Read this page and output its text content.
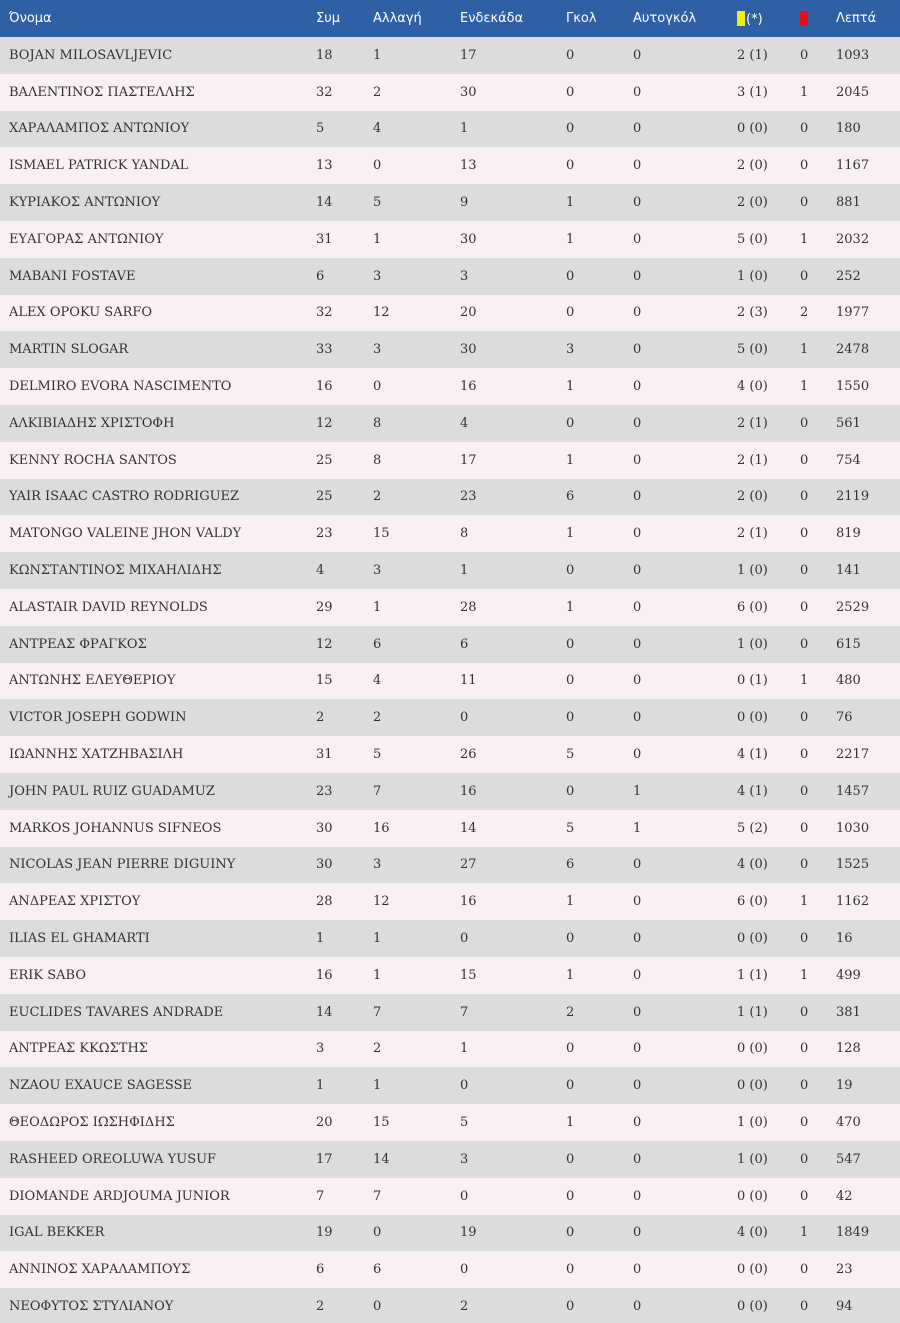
Όνομα	Συμ	Αλλαγή	Ενδεκάδα	Γκολ	Αυτογκόλ	(*)		Λεπτά
BOJAN MILOSAVLJEVIC	18	1	17	0	0	2 (1)	0	1093
ΒΑΛΕΝΤΙΝΟΣ ΠΑΣΤΕΛΛΗΣ	32	2	30	0	0	3 (1)	1	2045
ΧΑΡΑΛΑΜΠΟΣ ΑΝΤΩΝΙΟΥ	5	4	1	0	0	0 (0)	0	180
ISMAEL PATRICK YANDAL	13	0	13	0	0	2 (0)	0	1167
ΚΥΡΙΑΚΟΣ ΑΝΤΩΝΙΟΥ	14	5	9	1	0	2 (0)	0	881
ΕΥΑΓΟΡΑΣ ΑΝΤΩΝΙΟΥ	31	1	30	1	0	5 (0)	1	2032
MABANI FOSTAVE	6	3	3	0	0	1 (0)	0	252
ALEX OPOKU SARFO	32	12	20	0	0	2 (3)	2	1977
MARTIN SLOGAR	33	3	30	3	0	5 (0)	1	2478
DELMIRO EVORA NASCIMENTO	16	0	16	1	0	4 (0)	1	1550
ΑΛΚΙΒΙΑΔΗΣ ΧΡΙΣΤΟΦΗ	12	8	4	0	0	2 (1)	0	561
KENNY ROCHA SANTOS	25	8	17	1	0	2 (1)	0	754
YAIR ISAAC CASTRO RODRIGUEZ	25	2	23	6	0	2 (0)	0	2119
MATONGO VALEINE JHON VALDY	23	15	8	1	0	2 (1)	0	819
ΚΩΝΣΤΑΝΤΙΝΟΣ ΜΙΧΑΗΛΙΔΗΣ	4	3	1	0	0	1 (0)	0	141
ALASTAIR DAVID REYNOLDS	29	1	28	1	0	6 (0)	0	2529
ΑΝΤΡΕΑΣ ΦΡΑΓΚΟΣ	12	6	6	0	0	1 (0)	0	615
ΑΝΤΩΝΗΣ ΕΛΕΥΘΕΡΙΟΥ	15	4	11	0	0	0 (1)	1	480
VICTOR JOSEPH GODWIN	2	2	0	0	0	0 (0)	0	76
ΙΩΑΝΝΗΣ ΧΑΤΖΗΒΑΣΙΛΗ	31	5	26	5	0	4 (1)	0	2217
JOHN PAUL RUIZ GUADAMUZ	23	7	16	0	1	4 (1)	0	1457
MARKOS JOHANNUS SIFNEOS	30	16	14	5	1	5 (2)	0	1030
NICOLAS JEAN PIERRE DIGUINY	30	3	27	6	0	4 (0)	0	1525
ΑΝΔΡΕΑΣ ΧΡΙΣΤΟΥ	28	12	16	1	0	6 (0)	1	1162
ILIAS EL GHAMARTI	1	1	0	0	0	0 (0)	0	16
ERIK SABO	16	1	15	1	0	1 (1)	1	499
EUCLIDES TAVARES ANDRADE	14	7	7	2	0	1 (1)	0	381
ΑΝΤΡΕΑΣ ΚΚΩΣΤΗΣ	3	2	1	0	0	0 (0)	0	128
NZAOU EXAUCE SAGESSE	1	1	0	0	0	0 (0)	0	19
ΘΕΟΔΩΡΟΣ ΙΩΣΗΦΙΔΗΣ	20	15	5	1	0	1 (0)	0	470
RASHEED OREOLUWA YUSUF	17	14	3	0	0	1 (0)	0	547
DIOMANDE ARDJOUMA JUNIOR	7	7	0	0	0	0 (0)	0	42
IGAL BEKKER	19	0	19	0	0	4 (0)	1	1849
ΑΝΝΙΝΟΣ ΧΑΡΑΛΑΜΠΟΥΣ	6	6	0	0	0	0 (0)	0	23
ΝΕΟΦΥΤΟΣ ΣΤΥΛΙΑΝΟΥ	2	0	2	0	0	0 (0)	0	94
